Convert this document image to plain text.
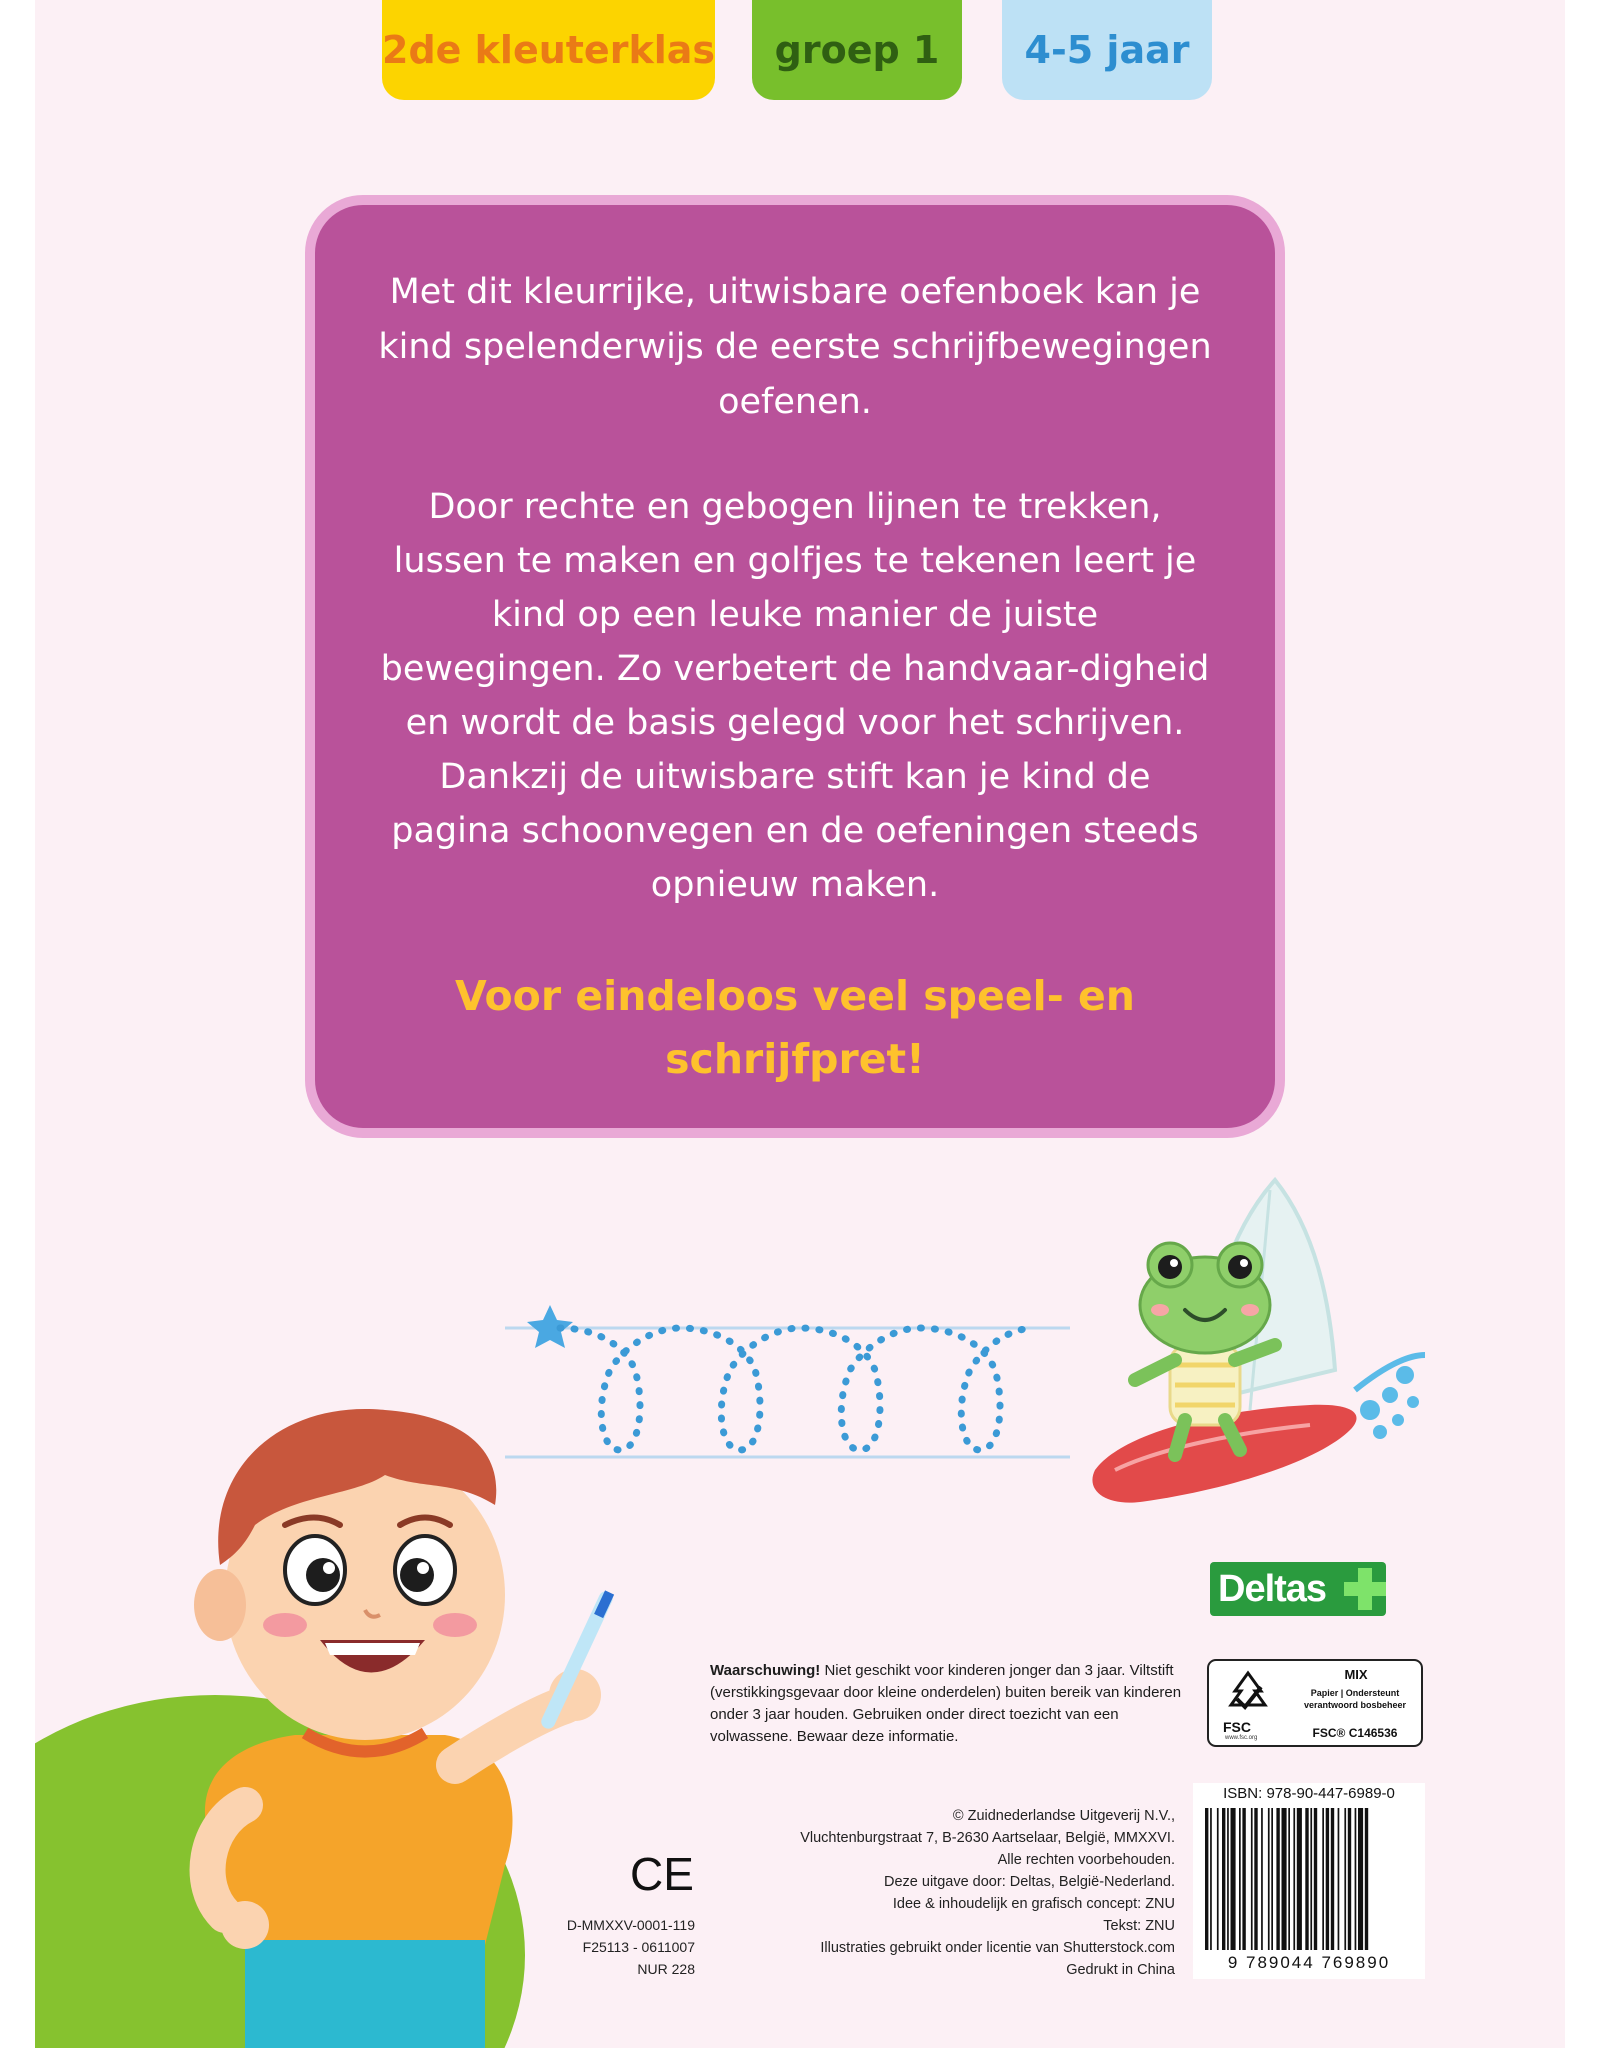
2de kleuterklas groep 1 4-5 jaar

Met dit kleurrijke, uitwisbare oefenboek kan je kind spelenderwijs de eerste schrijfbewegingen oefenen.

Door rechte en gebogen lijnen te trekken, lussen te maken en golfjes te tekenen leert je kind op een leuke manier de juiste bewegingen. Zo verbetert de handvaar-digheid en wordt de basis gelegd voor het schrijven. Dankzij de uitwisbare stift kan je kind de pagina schoonvegen en de oefeningen steeds opnieuw maken.

Voor eindeloos veel speel- en schrijfpret!

Deltas

Waarschuwing! Niet geschikt voor kinderen jonger dan 3 jaar. Viltstift (verstikkingsgevaar door kleine onderdelen) buiten bereik van kinderen onder 3 jaar houden. Gebruiken onder direct toezicht van een volwassene. Bewaar deze informatie.

FSC
www.fsc.org
MIX
Papier | Ondersteunt verantwoord bosbeheer
FSC® C146536
ISBN: 978-90-447-6989-0
9 789044 769890
CE
D-MMXXV-0001-119
F25113 - 0611007
NUR 228
© Zuidnederlandse Uitgeverij N.V.,
Vluchtenburgstraat 7, B-2630 Aartselaar, België, MMXXVI.
Alle rechten voorbehouden.
Deze uitgave door: Deltas, België-Nederland.
Idee & inhoudelijk en grafisch concept: ZNU
Tekst: ZNU
Illustraties gebruikt onder licentie van Shutterstock.com
Gedrukt in China
